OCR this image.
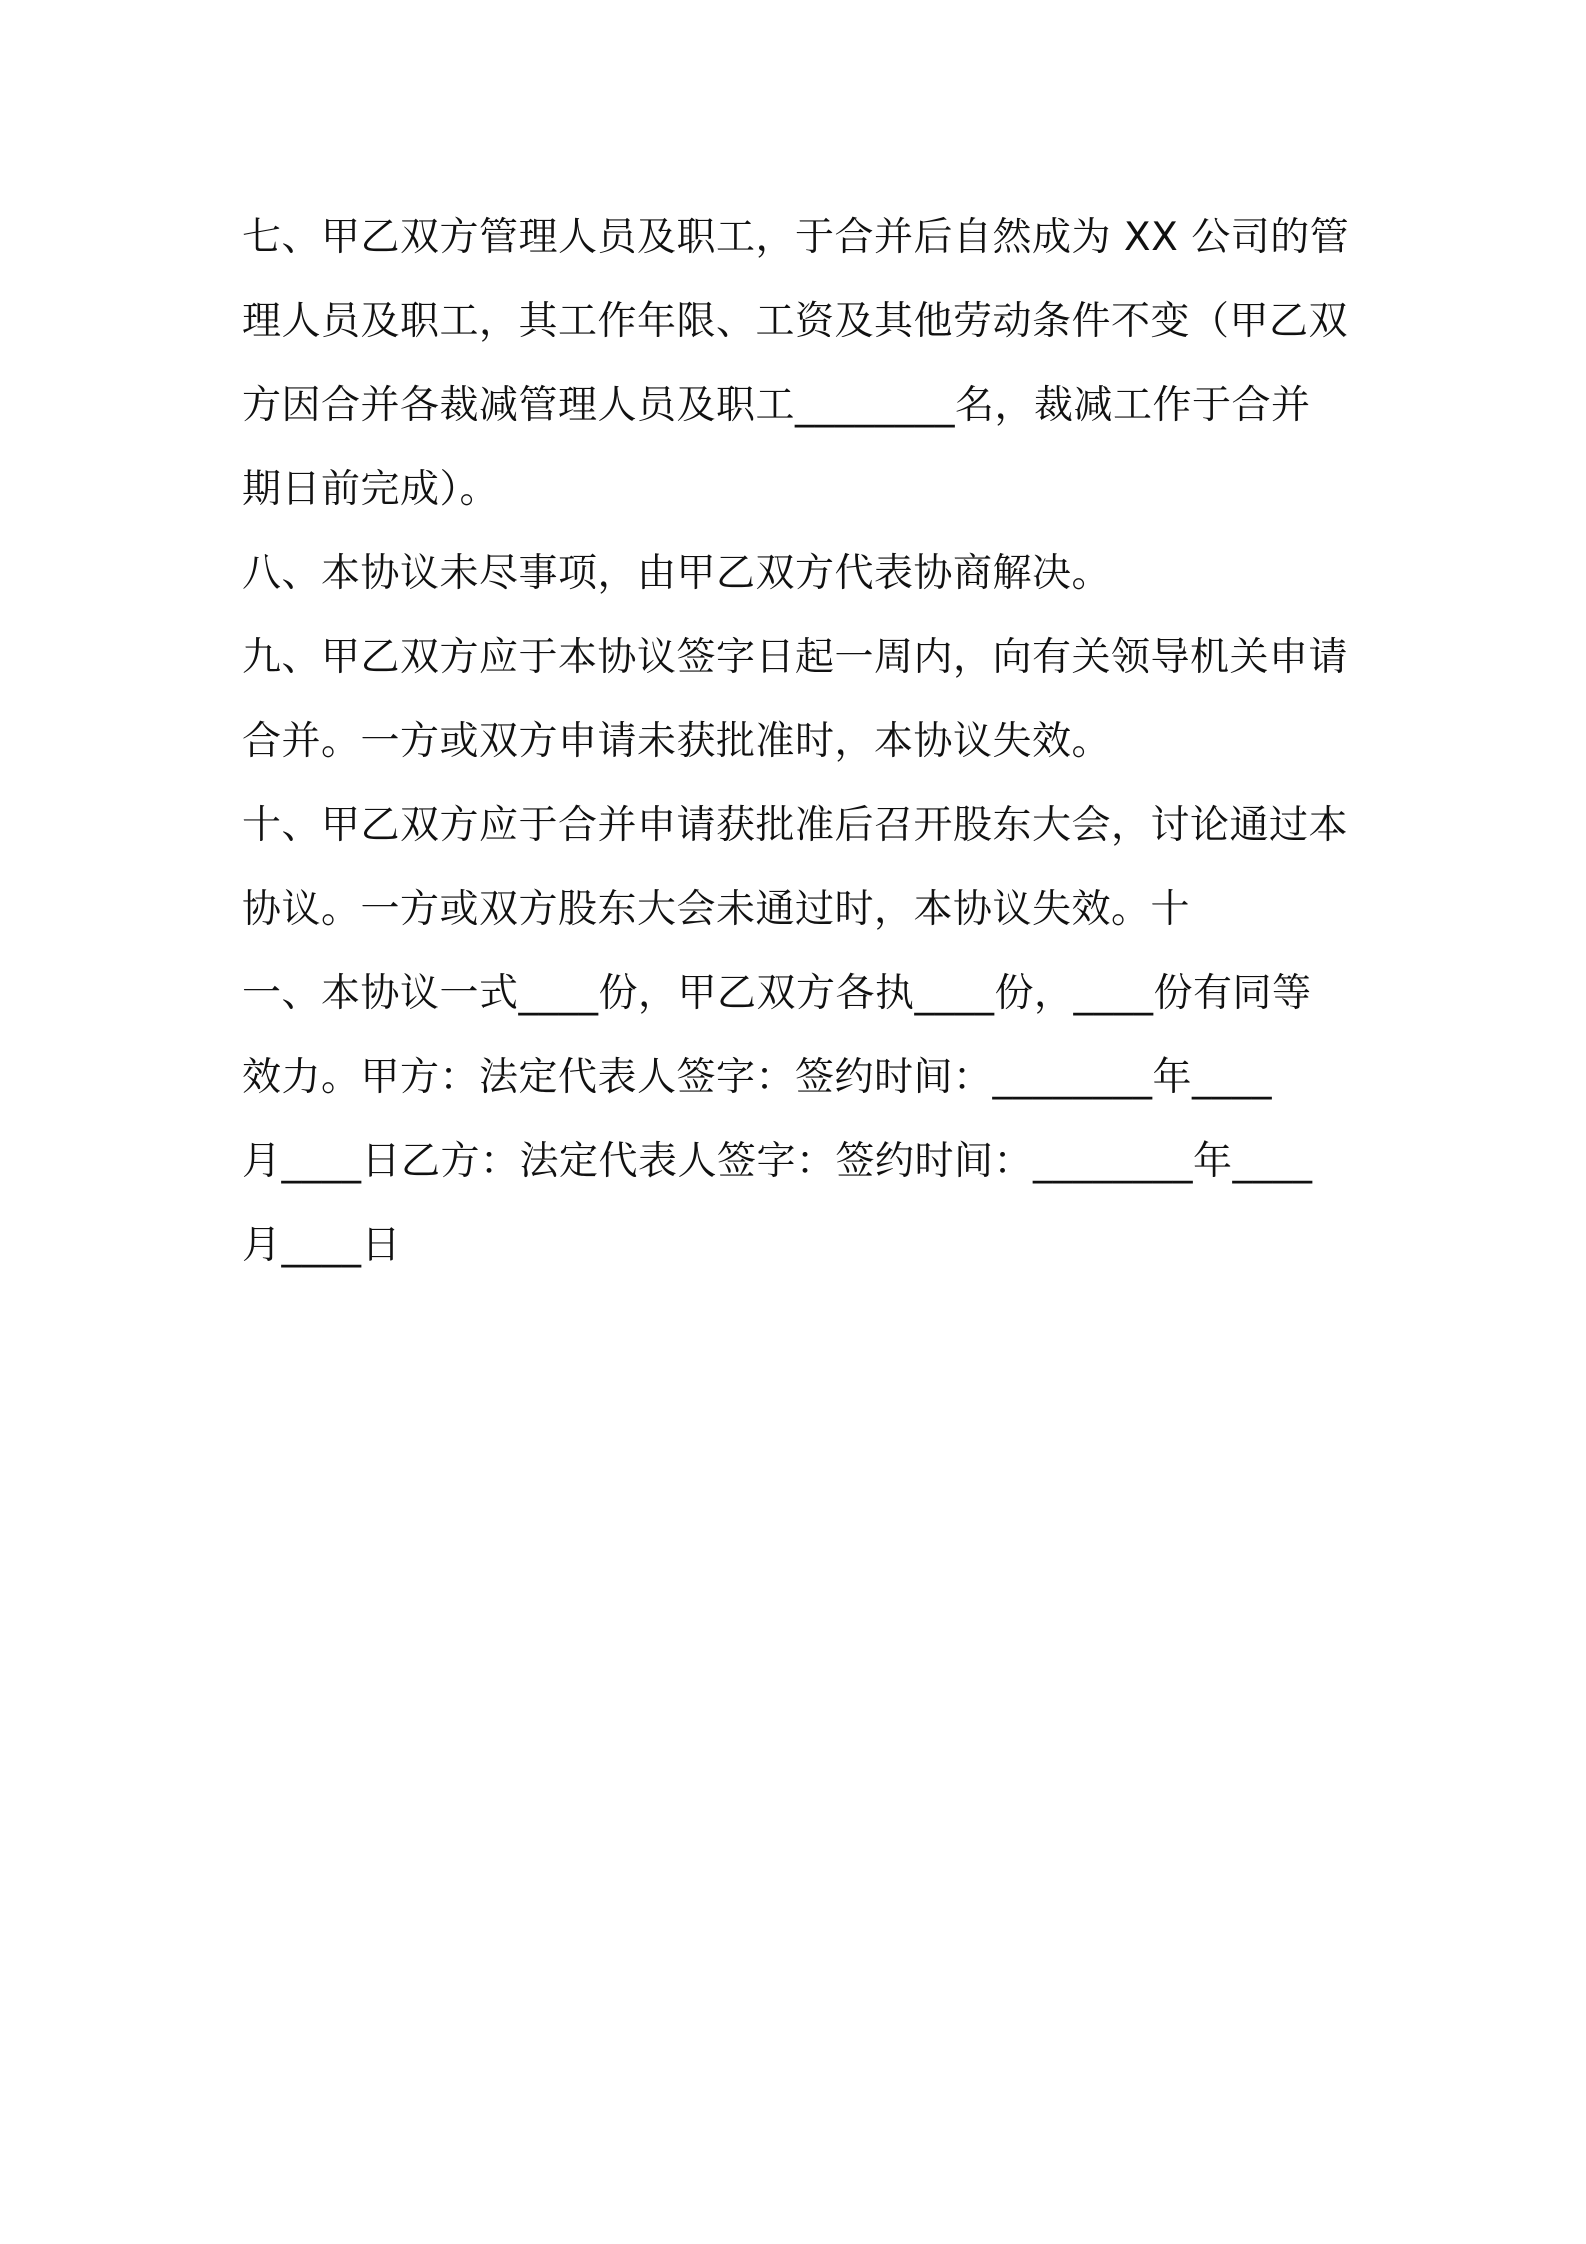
七、甲乙双方管理人员及职工，于合并后自然成为 XX 公司的管
理人员及职工，其工作年限、工资及其他劳动条件不变（甲乙双
方因合并各裁减管理人员及职工________名，裁减工作于合并
期日前完成）。
八、本协议未尽事项，由甲乙双方代表协商解决。
九、甲乙双方应于本协议签字日起一周内，向有关领导机关申请
合并。一方或双方申请未获批准时，本协议失效。
十、甲乙双方应于合并申请获批准后召开股东大会，讨论通过本
协议。一方或双方股东大会未通过时，本协议失效。十
一、本协议一式____份，甲乙双方各执____份，____份有同等
效力。甲方：法定代表人签字：签约时间：________年____
月____日乙方：法定代表人签字：签约时间：________年____
月____日
